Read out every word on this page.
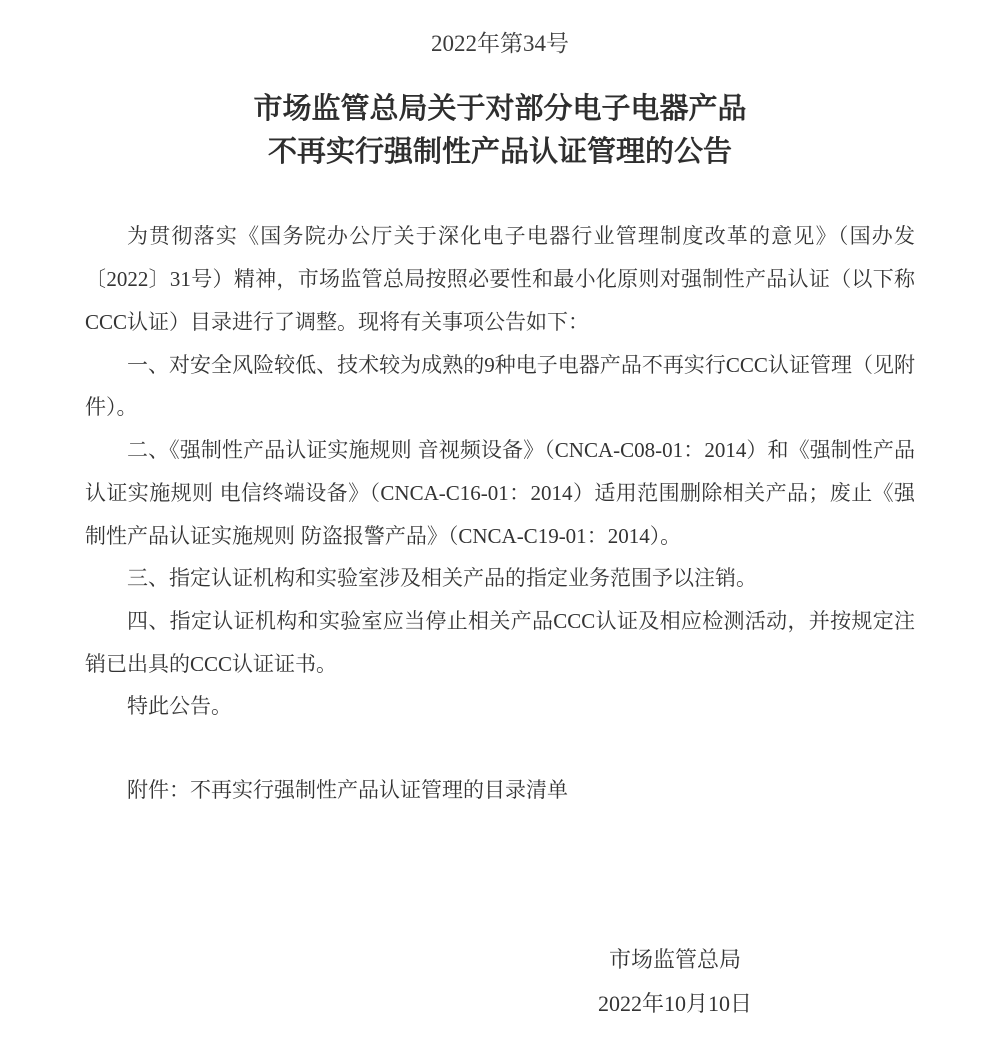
2022年第34号
市场监管总局关于对部分电子电器产品
不再实行强制性产品认证管理的公告

为贯彻落实《国务院办公厅关于深化电子电器行业管理制度改革的意见》（国办发〔2022〕31号）精神，市场监管总局按照必要性和最小化原则对强制性产品认证（以下称CCC认证）目录进行了调整。现将有关事项公告如下：

一、对安全风险较低、技术较为成熟的9种电子电器产品不再实行CCC认证管理（见附件）。

二、《强制性产品认证实施规则 音视频设备》（CNCA-C08-01：2014）和《强制性产品认证实施规则 电信终端设备》（CNCA-C16-01：2014）适用范围删除相关产品；废止《强制性产品认证实施规则 防盗报警产品》（CNCA-C19-01：2014）。

三、指定认证机构和实验室涉及相关产品的指定业务范围予以注销。

四、指定认证机构和实验室应当停止相关产品CCC认证及相应检测活动，并按规定注销已出具的CCC认证证书。

特此公告。

附件：不再实行强制性产品认证管理的目录清单

市场监管总局
2022年10月10日
